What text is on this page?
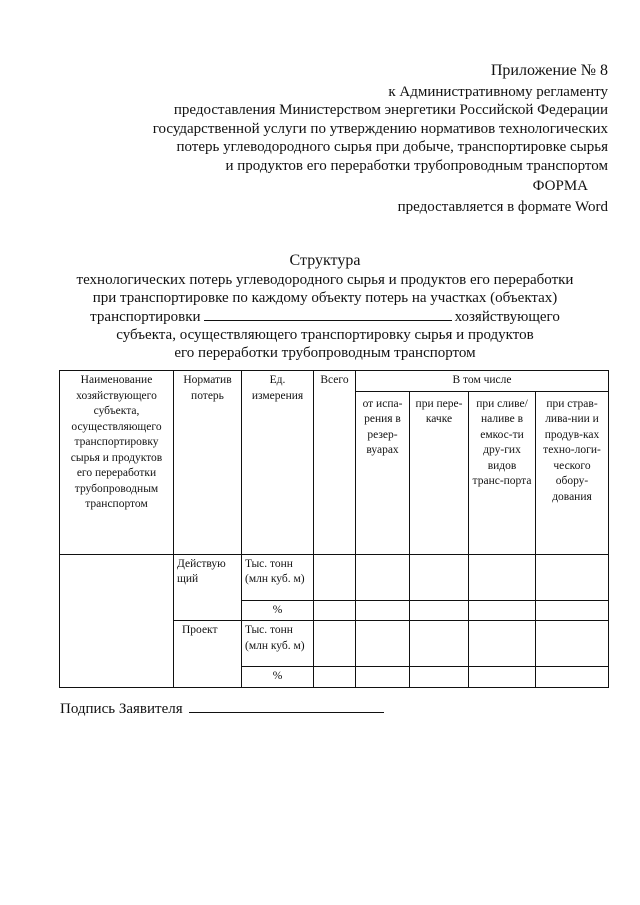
Приложение № 8
к Административному регламенту
предоставления Министерством энергетики Российской Федерации
государственной услуги по утверждению нормативов технологических
потерь углеводородного сырья при добыче, транспортировке сырья
и продуктов его переработки трубопроводным транспортом
ФОРМА
предоставляется в формате Word
Структура
технологических потерь углеводородного сырья и продуктов его переработки
при транспортировке по каждому объекту потерь на участках (объектах)
транспортировки	хозяйствующего
субъекта, осуществляющего транспортировку сырья и продуктов
его переработки трубопроводным транспортом
Наименование хозяйствующего субъекта, осуществляющего транспортировку сырья и продуктов его переработки трубопроводным транспортом	Норматив потерь	Ед. измерения	Всего	В том числе			
				от испа-рения в резер-вуарах	при пере-качке	при сливе/ наливе в емкос-ти дру-гих видов транс-порта	при страв-лива-нии и продув-ках техно-логи-ческого обору-дования
	Действую щий	Тыс. тонн (млн куб. м)					
		%					
	Проект	Тыс. тонн (млн куб. м)					
		%					
Подпись Заявителя
